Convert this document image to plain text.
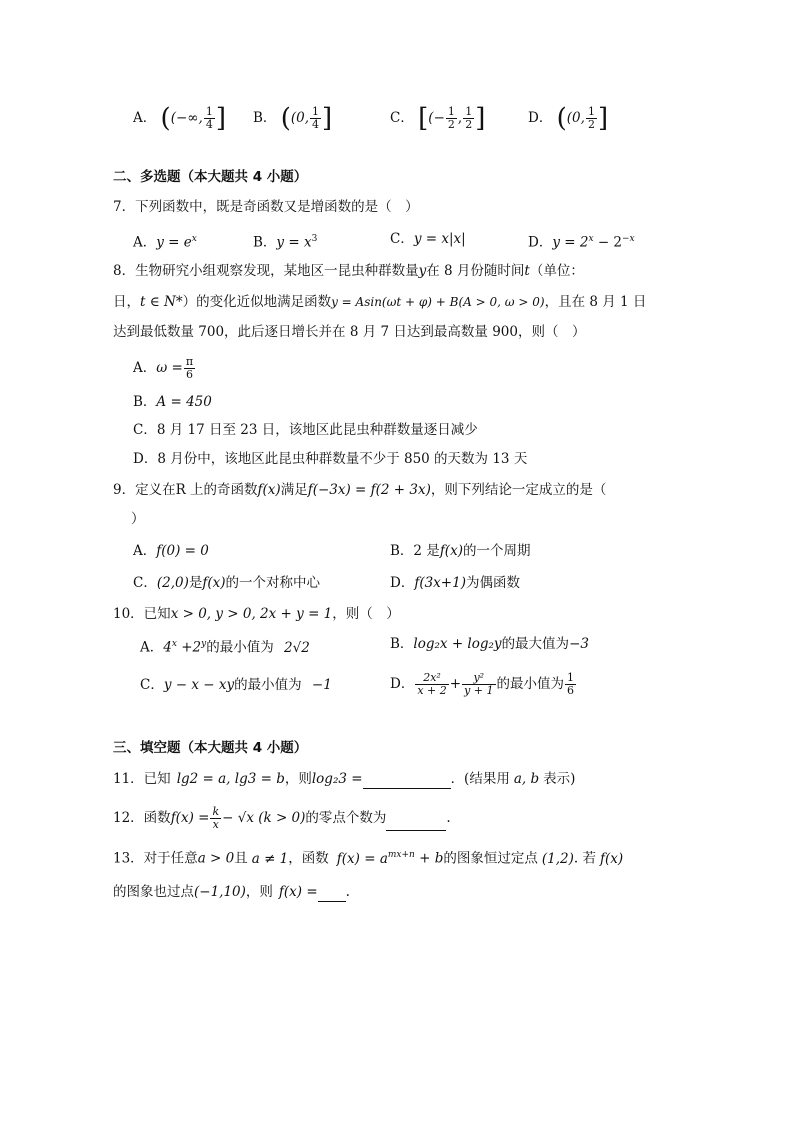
A． ((−∞, $\frac{1}{4}$ ] B． ((0, $\frac{1}{4}$ ]	C． [(− $\frac{1}{2}$ , $\frac{1}{2}$ ]	D． ((0, $\frac{1}{2}$ ]
二、多选题（本大题共 4 小题）
7．下列函数中，既是奇函数又是增函数的是（　）
A．$y = e^x$	B．$y = x^3$	C．y = x|x|	D．$y = 2^x - 2^{-x}$
8．生物研究小组观察发现，某地区一昆虫种群数量y在 8 月份随时间t（单位：
日，t ∈ N*）的变化近似地满足函数y = Asin(ωt + φ) + B(A > 0, ω > 0)，且在 8 月 1 日
达到最低数量 700，此后逐日增长并在 8 月 7 日达到最高数量 900，则（　）
A．$\omega = \frac{\pi}{6}$
B．A = 450
C．8 月 17 日至 23 日，该地区此昆虫种群数量逐日减少
D．8 月份中，该地区此昆虫种群数量不少于 850 的天数为 13 天
9．定义在R 上的奇函数f(x)满足f(−3x) = f(2 + 3x)，则下列结论一定成立的是（
）
A．f(0) = 0	B．2 是f(x)的一个周期
C．(2,0)是f(x)的一个对称中心	D．f(3x+1)为偶函数
10．已知x > 0, y > 0, 2x + y = 1，则（　）
A．$4^x +2^y$的最小值为 2√2	B．log₂x + log₂y的最大值为−3
C．y − x − xy的最小值为 −1	D． $\frac{\text{2x²}}{x + 2} + \frac{\text{y²}}{y + 1}$ 的最小值为 $\frac{1}{6}$
三、填空题（本大题共 4 小题）
11．已知 lg2 = a, lg3 = b，则log₂3 =	．(结果用 a, b 表示)
12．函数$f(x) = \frac{k}{x} - √x$ (k > 0)的零点个数为	.
13．对于任意a > 0且 a ≠ 1，函数 $f(x) = a^{mx+n} + b$的图象恒过定点 (1,2). 若 f(x)
的图象也过点(−1,10)，则 f(x) = .
